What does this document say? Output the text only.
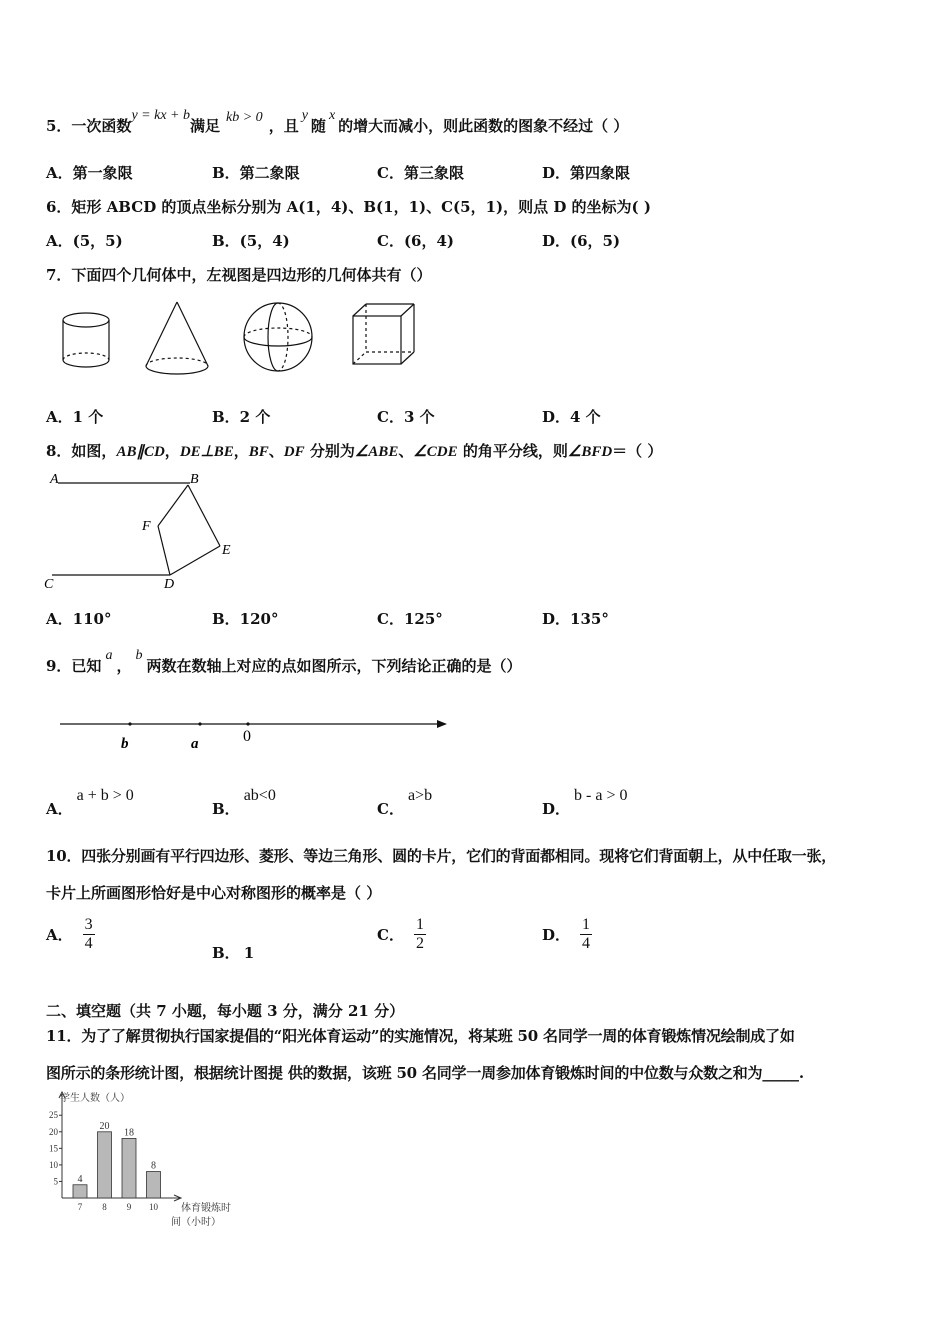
5．一次函数y = kx + b满足 kb > 0 ，且y随x的增大而减小，则此函数的图象不经过（ ）
A．第一象限	B．第二象限	C．第三象限	D．第四象限
6．矩形 ABCD 的顶点坐标分别为 A(1，4)、B(1，1)、C(5，1)，则点 D 的坐标为( )
A．(5，5)	B．(5，4)	C．(6，4)	D．(6，5)
7．下面四个几何体中，左视图是四边形的几何体共有（）
A．1 个	B．2 个	C．3 个	D．4 个
8．如图，AB∥CD，DE⊥BE，BF、DF 分别为∠ABE、∠CDE 的角平分线，则∠BFD＝（ ）
A	B
C	D
E
F
A．110°	B．120°	C．125°	D．135°
9．已知a，b两数在数轴上对应的点如图所示，下列结论正确的是（）
b	a	0
A．a + b > 0
B．ab<0
C．a>b
D．b - a > 0
10．四张分别画有平行四边形、菱形、等边三角形、圆的卡片，它们的背面都相同。现将它们背面朝上，从中任取一张，
卡片上所画图形恰好是中心对称图形的概率是（ ）
A． $\frac{3}{4}$	B． 1
C． $\frac{1}{2}$	D． $\frac{1}{4}$
二、填空题（共 7 小题，每小题 3 分，满分 21 分）
11．为了了解贯彻执行国家提倡的“阳光体育运动”的实施情况，将某班 50 名同学一周的体育锻炼情况绘制成了如
图所示的条形统计图，根据统计图提 供的数据，该班 50 名同学一周参加体育锻炼时间的中位数与众数之和为_____.
学生人数（人）
体育锻炼时
间（小时）
5
10
15
20
25
4
7
20
8
18
9
8
10
